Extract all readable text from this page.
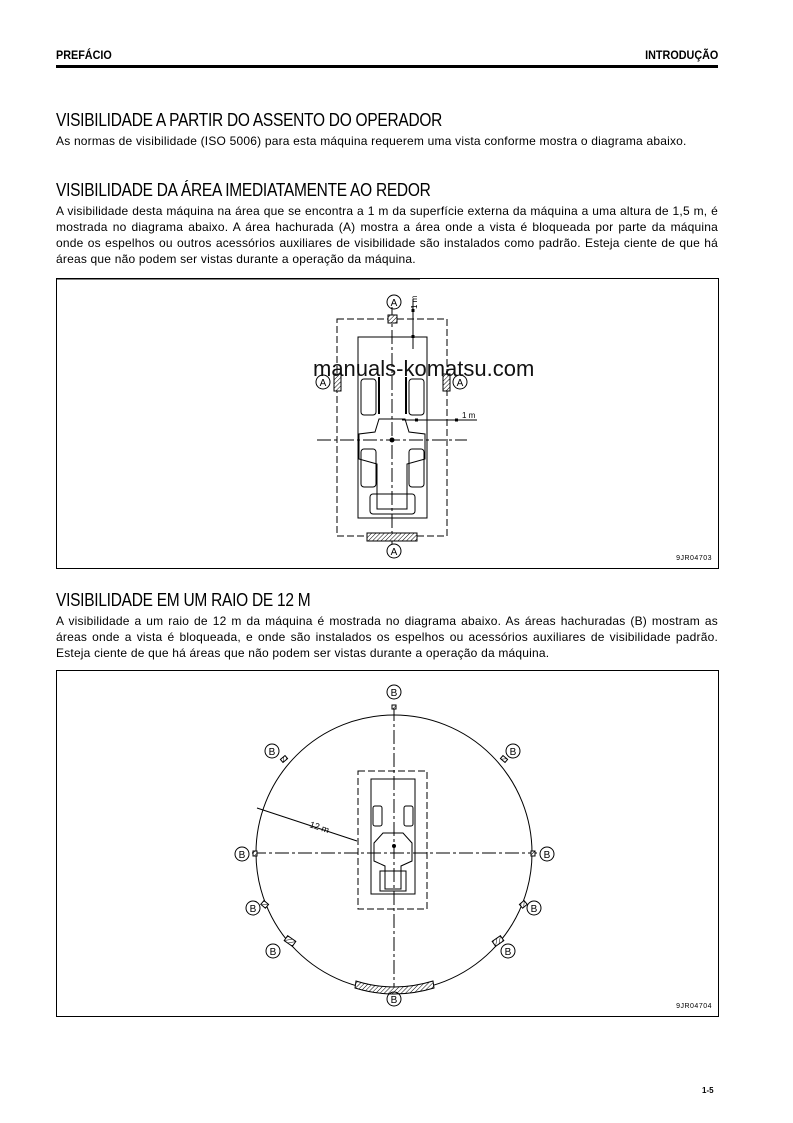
PREFÁCIO	INTRODUÇÃO
VISIBILIDADE A PARTIR DO ASSENTO DO OPERADOR

As normas de visibilidade (ISO 5006) para esta máquina requerem uma vista conforme mostra o diagrama abaixo.

VISIBILIDADE DA ÁREA IMEDIATAMENTE AO REDOR

A visibilidade desta máquina na área que se encontra a 1 m da superfície externa da máquina a uma altura de 1,5 m, é mostrada no diagrama abaixo. A área hachurada (A) mostra a área onde a vista é bloqueada por parte da máquina onde os espelhos ou outros acessórios auxiliares de visibilidade são instalados como padrão. Esteja ciente de que há áreas que não podem ser vistas durante a operação da máquina.

A
A	A
A
1 m
1 m
9JR04703
manuals-komatsu.com
VISIBILIDADE EM UM RAIO DE 12 M

A visibilidade a um raio de 12 m da máquina é mostrada no diagrama abaixo. As áreas hachuradas (B) mostram as áreas onde a vista é bloqueada, e onde são instalados os espelhos ou acessórios auxiliares de visibilidade padrão. Esteja ciente de que há áreas que não podem ser vistas durante a operação da máquina.

12 m
B
B	B
B	B
B	B
B	B
B
9JR04704
1-5
